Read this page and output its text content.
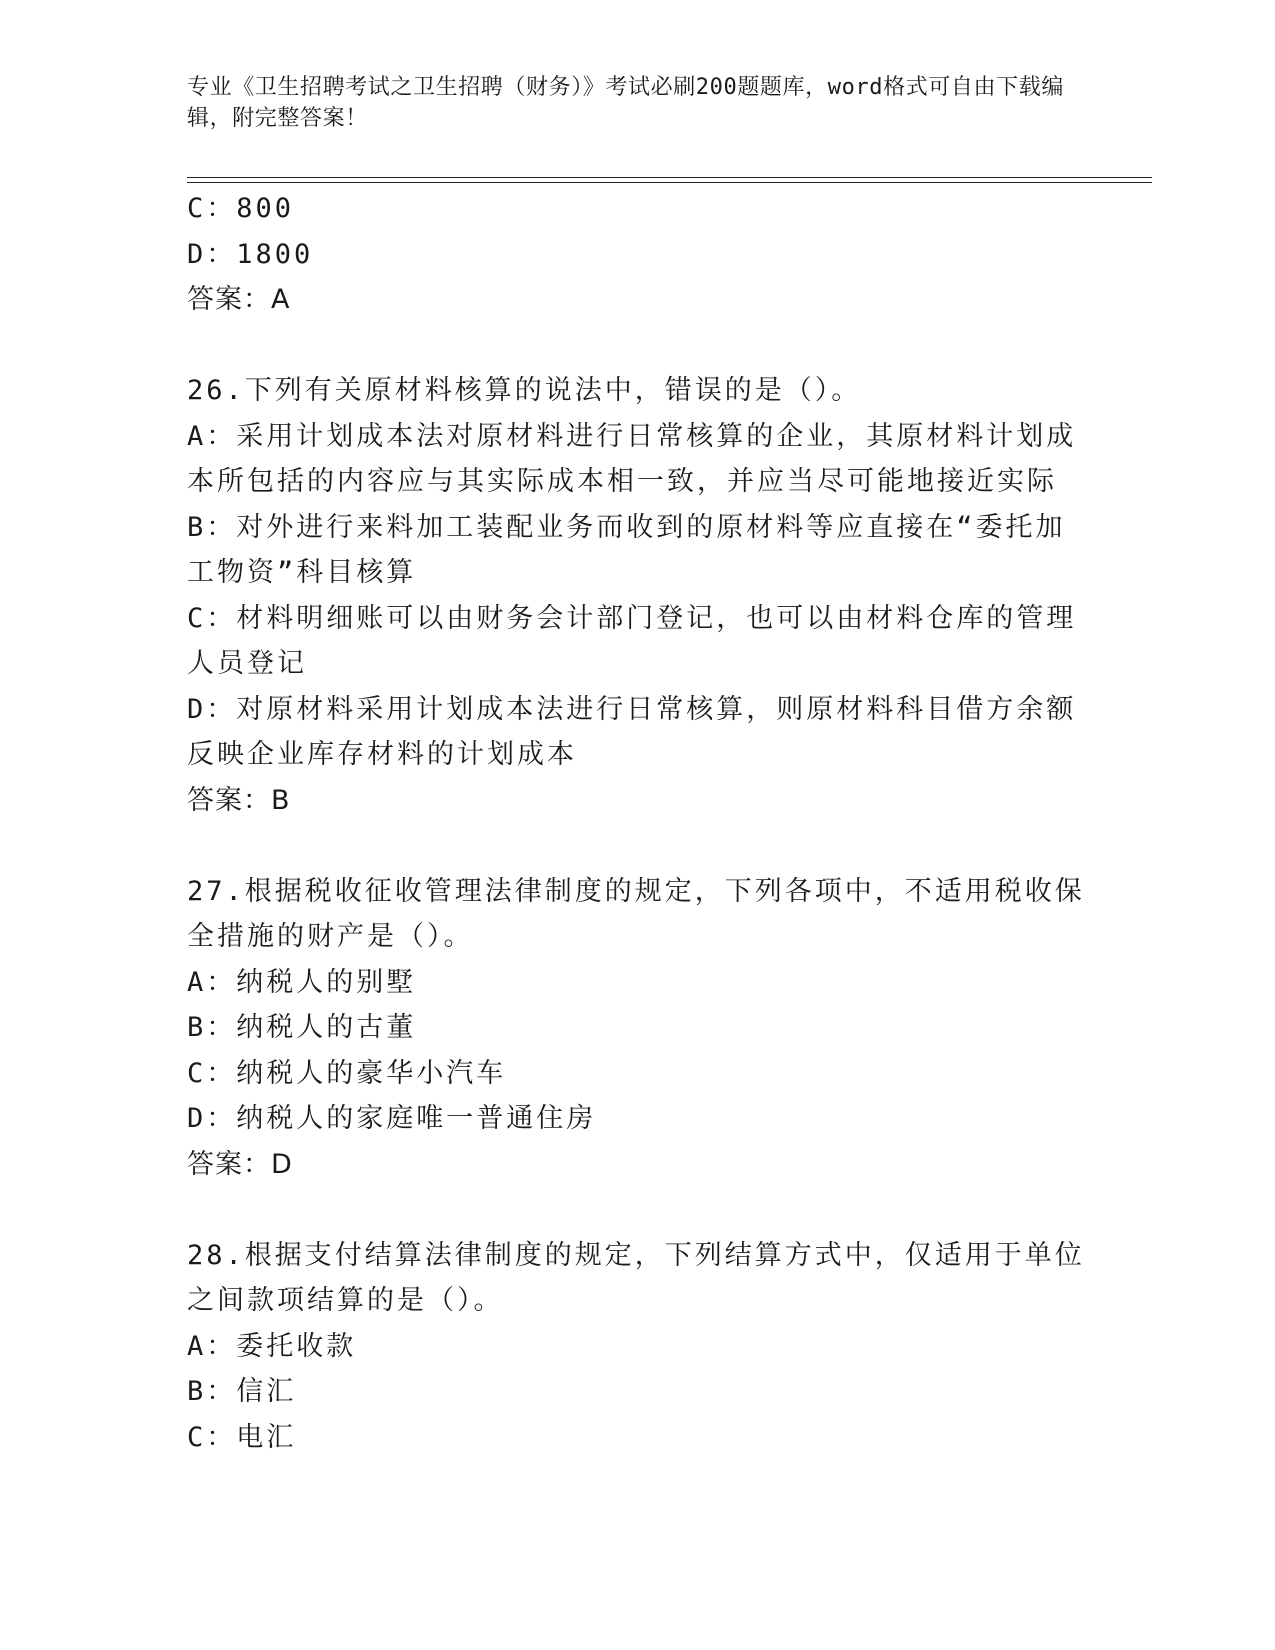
专业《卫生招聘考试之卫生招聘（财务）》考试必刷200题题库，word格式可自由下载编辑，附完整答案！
C：800
D：1800
答案：A
26.下列有关原材料核算的说法中，错误的是（）。
A：采用计划成本法对原材料进行日常核算的企业，其原材料计划成本所包括的内容应与其实际成本相一致，并应当尽可能地接近实际
B：对外进行来料加工装配业务而收到的原材料等应直接在“委托加工物资”科目核算
C：材料明细账可以由财务会计部门登记，也可以由材料仓库的管理人员登记
D：对原材料采用计划成本法进行日常核算，则原材料科目借方余额反映企业库存材料的计划成本
答案：B
27.根据税收征收管理法律制度的规定，下列各项中，不适用税收保全措施的财产是（）。
A：纳税人的别墅
B：纳税人的古董
C：纳税人的豪华小汽车
D：纳税人的家庭唯一普通住房
答案：D
28.根据支付结算法律制度的规定，下列结算方式中，仅适用于单位之间款项结算的是（）。
A：委托收款
B：信汇
C：电汇
